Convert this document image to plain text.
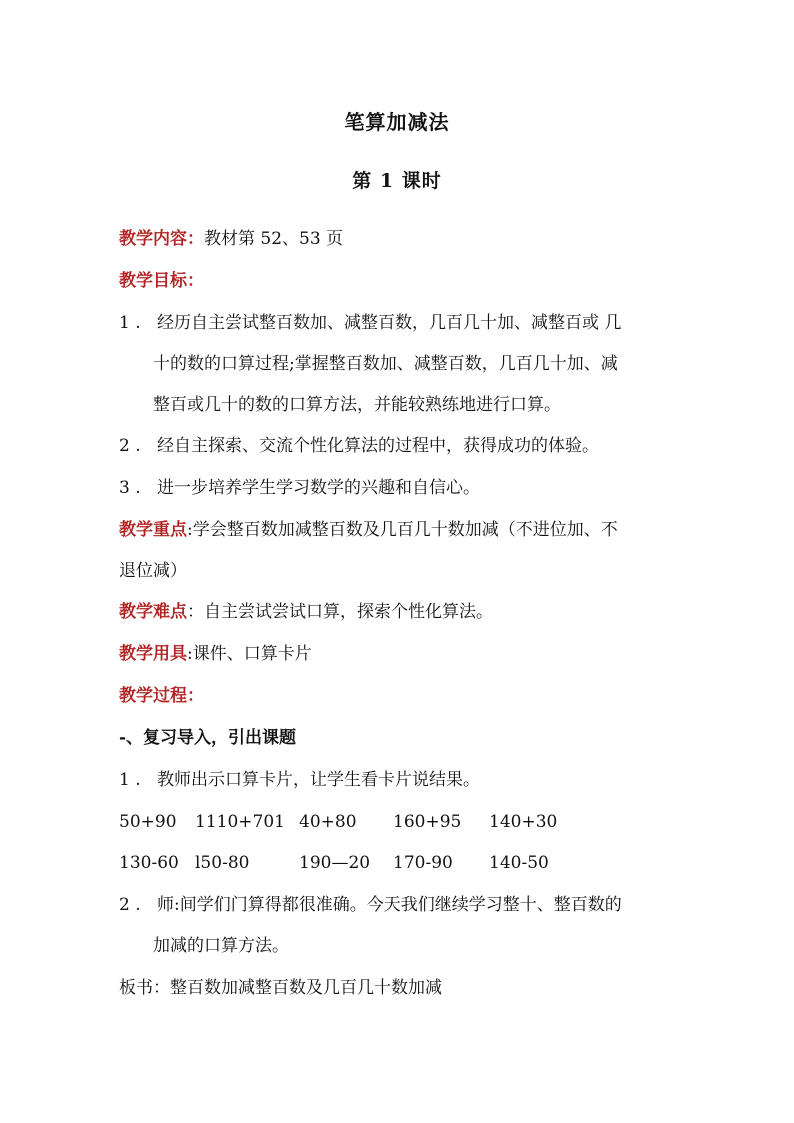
笔算加减法
第 1 课时
教学内容：教材第 52、53 页
教学目标：
1 . 经历自主尝试整百数加、减整百数，几百几十加、减整百或 几
十的数的口算过程;掌握整百数加、减整百数，几百几十加、减
整百或几十的数的口算方法，并能较熟练地进行口算。
2 . 经自主探索、交流个性化算法的过程中，获得成功的体验。
3 . 进一步培养学生学习数学的兴趣和自信心。
教学重点:学会整百数加减整百数及几百几十数加减（不进位加、不
退位减）
教学难点：自主尝试尝试口算，探索个性化算法。
教学用具:课件、口算卡片
教学过程：
-、复习导入，引出课题
1 . 教师出示口算卡片，让学生看卡片说结果。
50+90 1110+701 40+80 160+95 140+30
130-60 l50-80	190—20 170-90 140-50
2 . 师:间学们门算得都很准确。今天我们继续学习整十、整百数的
加减的口算方法。
板书：整百数加减整百数及几百几十数加减
